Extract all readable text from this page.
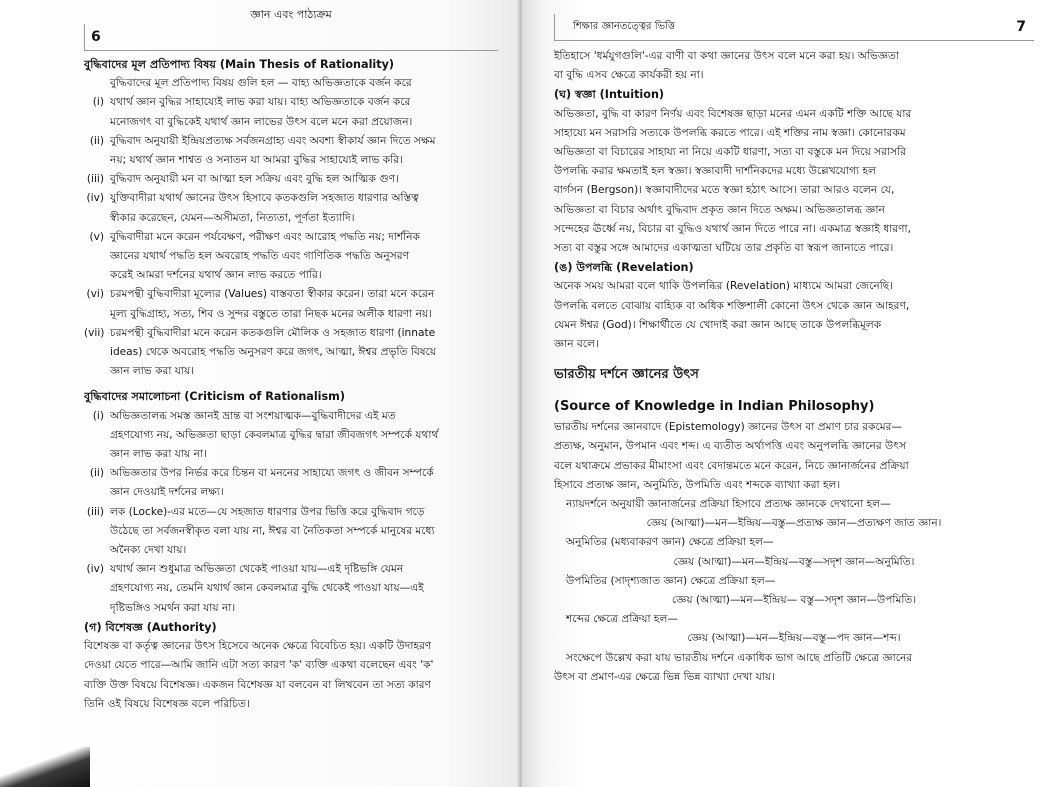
জ্ঞান এবং পাঠ্যক্রম
6
বুদ্ধিবাদের মূল প্রতিপাদ্য বিষয় (Main Thesis of Rationality)
বুদ্ধিবাদের মূল প্রতিপাদ্য বিষয় গুলি হল — বাহ্য অভিজ্ঞতাকে বর্জন করে
(i) যথার্থ জ্ঞান বুদ্ধির সাহায্যেই লাভ করা যায়। বাহ্য অভিজ্ঞতাকে বর্জন করে
মনোজগৎ বা বুদ্ধিকেই যথার্থ জ্ঞান লাভের উৎস বলে মনে করা প্রয়োজন।
(ii) বুদ্ধিবাদ অনুযায়ী ইন্দ্রিয়প্রত্যক্ষ সর্বজনগ্রাহ্য এবং অবশ্য স্বীকার্য জ্ঞান দিতে সক্ষম
নয়; যথার্থ জ্ঞান শাশ্বত ও সনাতন যা আমরা বুদ্ধির সাহায্যেই লাভ করি।
(iii) বুদ্ধিবাদ অনুযায়ী মন বা আত্মা হল সক্রিয় এবং বুদ্ধি হল আত্মিক গুণ।
(iv) যুক্তিবাদীরা যথার্থ জ্ঞানের উৎস হিসাবে কতকগুলি সহজাত ধারণার অস্তিত্ব
স্বীকার করেছেন, যেমন—অসীমতা, নিত্যতা, পূর্ণতা ইত্যাদি।
(v) বুদ্ধিবাদীরা মনে করেন পর্যবেক্ষণ, পরীক্ষণ এবং আরোহ পদ্ধতি নয়; দার্শনিক
জ্ঞানের যথার্থ পদ্ধতি হল অবরোহ পদ্ধতি এবং গাণিতিক পদ্ধতি অনুসরণ
করেই আমরা দর্শনের যথার্থ জ্ঞান লাভ করতে পারি।
(vi) চরমপন্থী বুদ্ধিবাদীরা মূল্যের (Values) বাস্তবতা স্বীকার করেন। তারা মনে করেন
মূল্য বুদ্ধিগ্রাহ্য, সত্য, শিব ও সুন্দর বস্তুতে তারা নিছক মনের অলীক ধারণা নয়।
(vii) চরমপন্থী বুদ্ধিবাদীরা মনে করেন কতকগুলি মৌলিক ও সহজাত ধারণা (innate
ideas) থেকে অবরোহ পদ্ধতি অনুসরণ করে জগৎ, আত্মা, ঈশ্বর প্রভৃতি বিষয়ে
জ্ঞান লাভ করা যায়।
বুদ্ধিবাদের সমালোচনা (Criticism of Rationalism)
(i) অভিজ্ঞতালব্ধ সমস্ত জ্ঞানই ভ্রান্ত বা সংশয়াত্মক—বুদ্ধিবাদীদের এই মত
গ্রহণযোগ্য নয়, অভিজ্ঞতা ছাড়া কেবলমাত্র বুদ্ধির দ্বারা জীবজগৎ সম্পর্কে যথার্থ
জ্ঞান লাভ করা যায় না।
(ii) অভিজ্ঞতার উপর নির্ভর করে চিন্তন বা মননের সাহায্যে জগৎ ও জীবন সম্পর্কে
জ্ঞান দেওয়াই দর্শনের লক্ষ্য।
(iii) লক (Locke)-এর মতে—যে সহজাত ধারণার উপর ভিত্তি করে বুদ্ধিবাদ গড়ে
উঠেছে তা সর্বজনস্বীকৃত বলা যায় না, ঈশ্বর বা নৈতিকতা সম্পর্কে মানুষের মধ্যে
অনৈক্য দেখা যায়।
(iv) যথার্থ জ্ঞান শুধুমাত্র অভিজ্ঞতা থেকেই পাওয়া যায়—এই দৃষ্টিভঙ্গি যেমন
গ্রহণযোগ্য নয়, তেমনি যথার্থ জ্ঞান কেবলমাত্র বুদ্ধি থেকেই পাওয়া যায়—এই
দৃষ্টিভঙ্গিও সমর্থন করা যায় না।
(গ) বিশেষজ্ঞ (Authority)
বিশেষজ্ঞ বা কর্তৃত্ব জ্ঞানের উৎস হিসেবে অনেক ক্ষেত্রে বিবেচিত হয়। একটি উদাহরণ
দেওয়া যেতে পারে—আমি জানি এটা সত্য কারণ 'ক' ব্যক্তি একথা বলেছেন এবং 'ক'
ব্যক্তি উক্ত বিষয়ে বিশেষজ্ঞ। একজন বিশেষজ্ঞ যা বলবেন বা লিখবেন তা সত্য কারণ
তিনি ওই বিষয়ে বিশেষজ্ঞ বলে পরিচিত।
শিক্ষার জ্ঞানতত্ত্বের ভিত্তি	7
ইতিহাসে 'ধর্মযুগগুলি'-এর বাণী বা কথা জ্ঞানের উৎস বলে মনে করা হয়। অভিজ্ঞতা
বা বুদ্ধি এসব ক্ষেত্রে কার্যকরী হয় না।
(ঘ) স্বজ্ঞা (Intuition)
অভিজ্ঞতা, বুদ্ধি বা কারণ নির্ণয় এবং বিশেষজ্ঞ ছাড়া মনের এমন একটি শক্তি আছে যার
সাহায্যে মন সরাসরি সত্যকে উপলব্ধি করতে পারে। এই শক্তির নাম স্বজ্ঞা। কোনোরকম
অভিজ্ঞতা বা বিচারের সাহায্য না নিয়ে একটি ধারণা, সত্য বা বস্তুকে মন দিয়ে সরাসরি
উপলব্ধি করার ক্ষমতাই হল স্বজ্ঞা। স্বজ্ঞাবাদী দার্শনিকদের মধ্যে উল্লেখযোগ্য হল
বার্গসন (Bergson)। স্বজ্ঞাবাদীদের মতে স্বজ্ঞা হঠাৎ আসে। তারা আরও বলেন যে,
অভিজ্ঞতা বা বিচার অর্থাৎ বুদ্ধিবাদ প্রকৃত জ্ঞান দিতে অক্ষম। অভিজ্ঞতালব্ধ জ্ঞান
সন্দেহের ঊর্ধ্বে নয়, বিচার বা বুদ্ধিও যথার্থ জ্ঞান দিতে পারে না। একমাত্র স্বজ্ঞাই ধারণা,
সত্য বা বস্তুর সঙ্গে আমাদের একাত্মতা ঘটিয়ে তার প্রকৃতি বা স্বরূপ জানাতে পারে।
(ঙ) উপলব্ধি (Revelation)
অনেক সময় আমরা বলে থাকি উপলব্ধির (Revelation) মাধ্যমে আমরা জেনেছি।
উপলব্ধি বলতে বোঝায় বাহ্যিক বা অধিক শক্তিশালী কোনো উৎস থেকে জ্ঞান আহরণ,
যেমন ঈশ্বর (God)। শিক্ষার্থীতে যে খোদাই করা জ্ঞান আছে তাকে উপলব্ধিমূলক
জ্ঞান বলে।
ভারতীয় দর্শনে জ্ঞানের উৎস
(Source of Knowledge in Indian Philosophy)
ভারতীয় দর্শনের জ্ঞানবাদে (Epistemology) জ্ঞানের উৎস বা প্রমাণ চার রকমের—
প্রত্যক্ষ, অনুমান, উপমান এবং শব্দ। এ ব্যতীত অর্থাপত্তি এবং অনুপলব্ধি জ্ঞানের উৎস
বলে যথাক্রমে প্রভাকর মীমাংসা এবং বেদান্তমতে মনে করেন, নিচে জ্ঞানার্জনের প্রক্রিয়া
হিসাবে প্রত্যক্ষ জ্ঞান, অনুমিতি, উপমিতি এবং শব্দকে ব্যাখ্যা করা হল।
ন্যায়দর্শনে অনুযায়ী জ্ঞানার্জনের প্রক্রিয়া হিসাবে প্রত্যক্ষ জ্ঞানকে দেখানো হল—
জ্ঞেয় (আত্মা)—মন—ইন্দ্রিয়—বস্তু—প্রত্যক্ষ জ্ঞান—প্রত্যক্ষণ জাত জ্ঞান।
অনুমিতির (মধ্যবাকরণ জ্ঞান) ক্ষেত্রে প্রক্রিয়া হল—
জ্ঞেয় (আত্মা)—মন—ইন্দ্রিয়—বস্তু—সদৃশ জ্ঞান—অনুমিতি।
উপমিতির (সাদৃশ্যজাত জ্ঞান) ক্ষেত্রে প্রক্রিয়া হল—
জ্ঞেয় (আত্মা)—মন—ইন্দ্রিয়— বস্তু—সদৃশ জ্ঞান—উপমিতি।
শব্দের ক্ষেত্রে প্রক্রিয়া হল—
জ্ঞেয় (আত্মা)—মন—ইন্দ্রিয়—বস্তু—পদ জ্ঞান—শব্দ।
সংক্ষেপে উল্লেখ করা যায় ভারতীয় দর্শনে একাধিক ভাগ আছে প্রতিটি ক্ষেত্রে জ্ঞানের
উৎস বা প্রমাণ-এর ক্ষেত্রে ভিন্ন ভিন্ন ব্যাখ্যা দেখা যায়।
